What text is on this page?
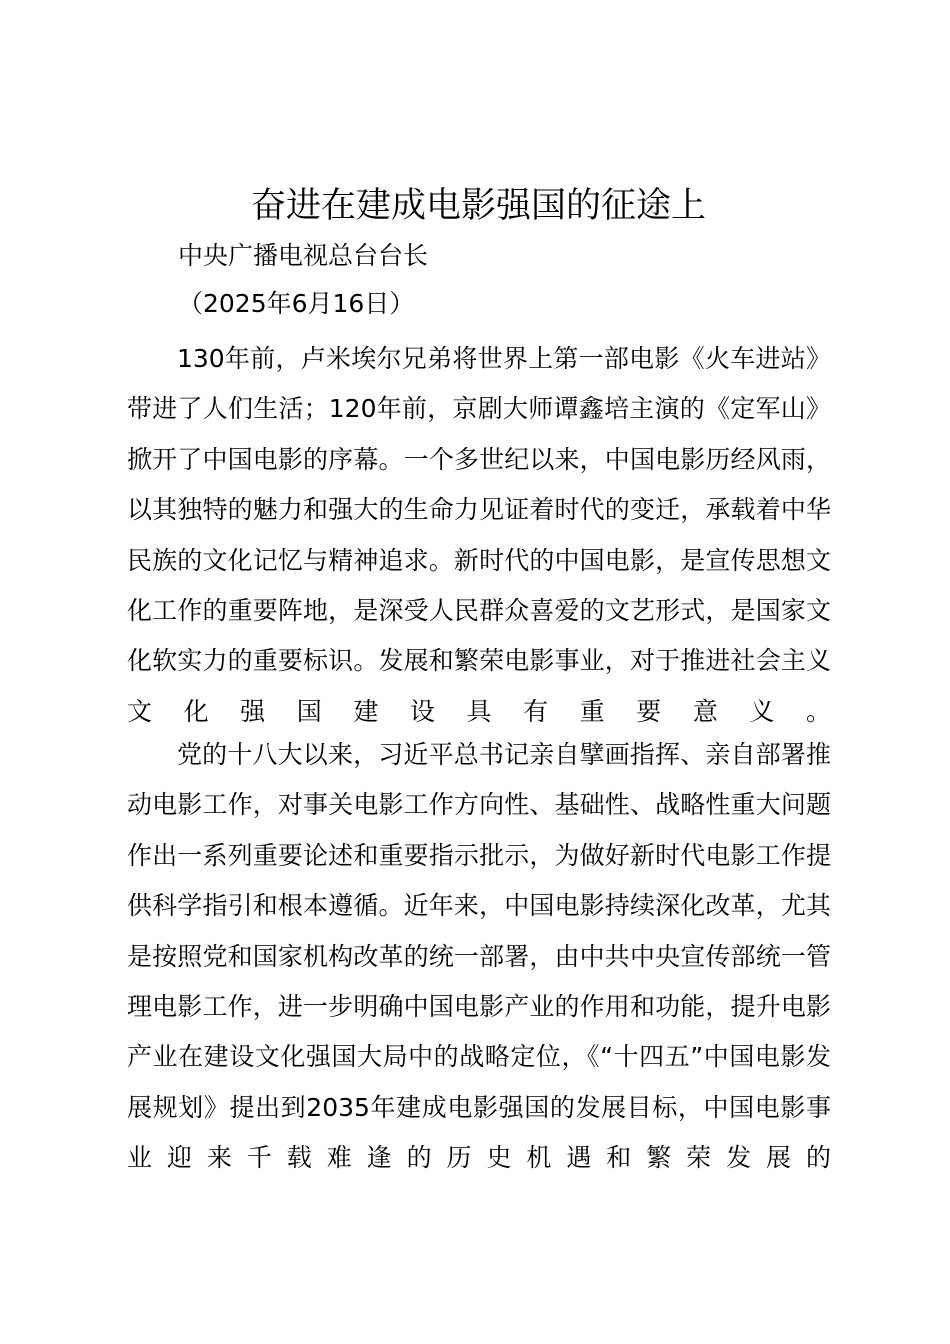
奋进在建成电影强国的征途上

中央广播电视总台台长

（2025年6月16日）

130年前，卢米埃尔兄弟将世界上第一部电影《火车进站》带进了人们生活；120年前，京剧大师谭鑫培主演的《定军山》掀开了中国电影的序幕。一个多世纪以来，中国电影历经风雨，以其独特的魅力和强大的生命力见证着时代的变迁，承载着中华民族的文化记忆与精神追求。新时代的中国电影，是宣传思想文化工作的重要阵地，是深受人民群众喜爱的文艺形式，是国家文化软实力的重要标识。发展和繁荣电影事业，对于推进社会主义文化强国建设具有重要意义。

党的十八大以来，习近平总书记亲自擘画指挥、亲自部署推动电影工作，对事关电影工作方向性、基础性、战略性重大问题作出一系列重要论述和重要指示批示，为做好新时代电影工作提供科学指引和根本遵循。近年来，中国电影持续深化改革，尤其是按照党和国家机构改革的统一部署，由中共中央宣传部统一管理电影工作，进一步明确中国电影产业的作用和功能，提升电影产业在建设文化强国大局中的战略定位，《“十四五”中国电影发展规划》提出到2035年建成电影强国的发展目标，中国电影事业迎来千载难逢的历史机遇和繁荣发展的
